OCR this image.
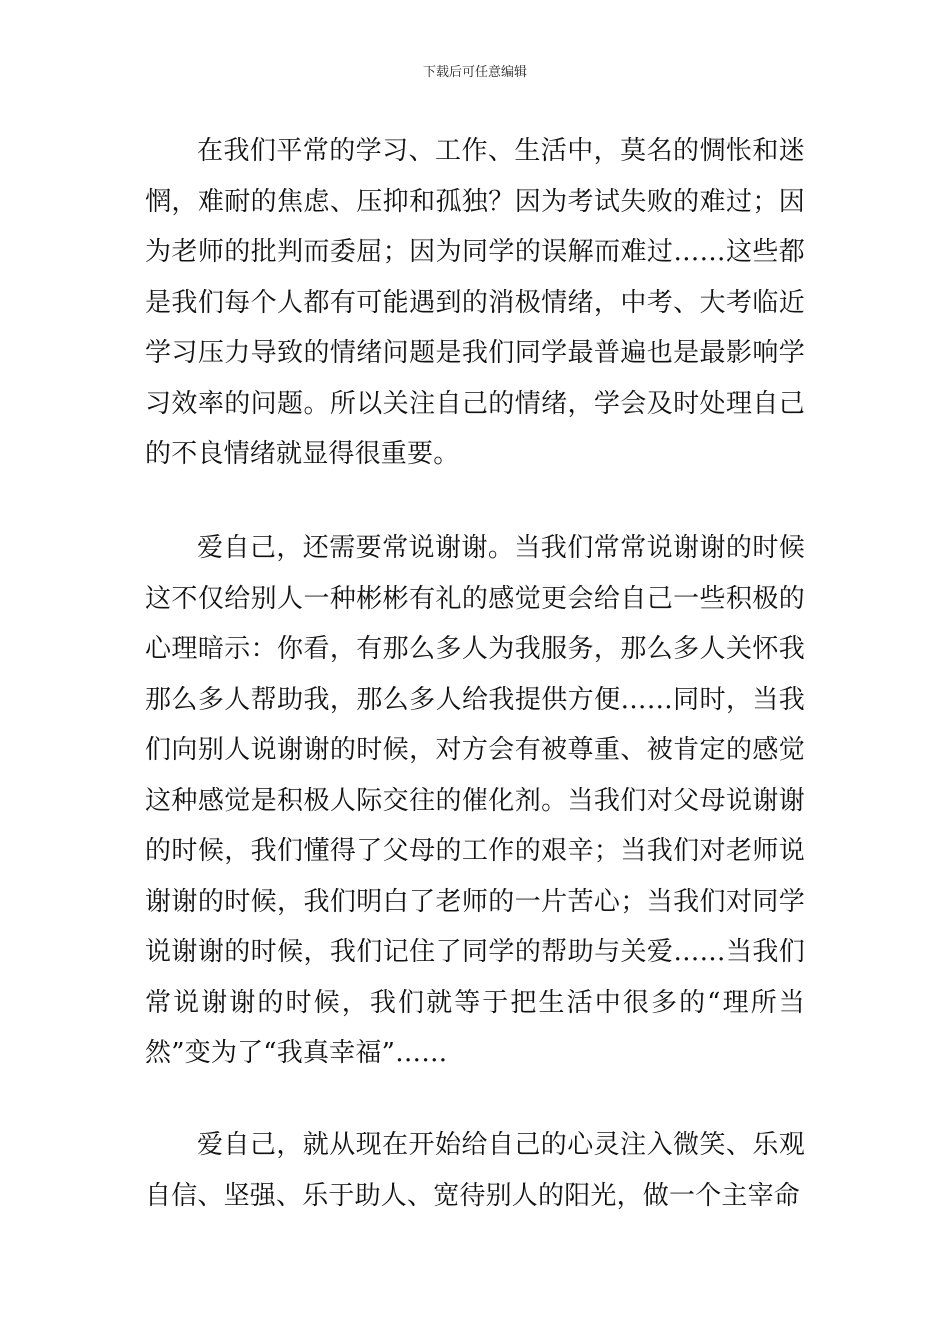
下载后可任意编辑

在我们平常的学习、工作、生活中，莫名的惆怅和迷惘，难耐的焦虑、压抑和孤独？因为考试失败的难过；因为老师的批判而委屈；因为同学的误解而难过……这些都是我们每个人都有可能遇到的消极情绪，中考、大考临近学习压力导致的情绪问题是我们同学最普遍也是最影响学习效率的问题。所以关注自己的情绪，学会及时处理自己的不良情绪就显得很重要。

爱自己，还需要常说谢谢。当我们常常说谢谢的时候这不仅给别人一种彬彬有礼的感觉更会给自己一些积极的心理暗示：你看，有那么多人为我服务，那么多人关怀我那么多人帮助我，那么多人给我提供方便……同时，当我们向别人说谢谢的时候，对方会有被尊重、被肯定的感觉这种感觉是积极人际交往的催化剂。当我们对父母说谢谢的时候，我们懂得了父母的工作的艰辛；当我们对老师说谢谢的时候，我们明白了老师的一片苦心；当我们对同学说谢谢的时候，我们记住了同学的帮助与关爱……当我们常说谢谢的时候，我们就等于把生活中很多的“理所当然”变为了“我真幸福”……

爱自己，就从现在开始给自己的心灵注入微笑、乐观自信、坚强、乐于助人、宽待别人的阳光，做一个主宰命
